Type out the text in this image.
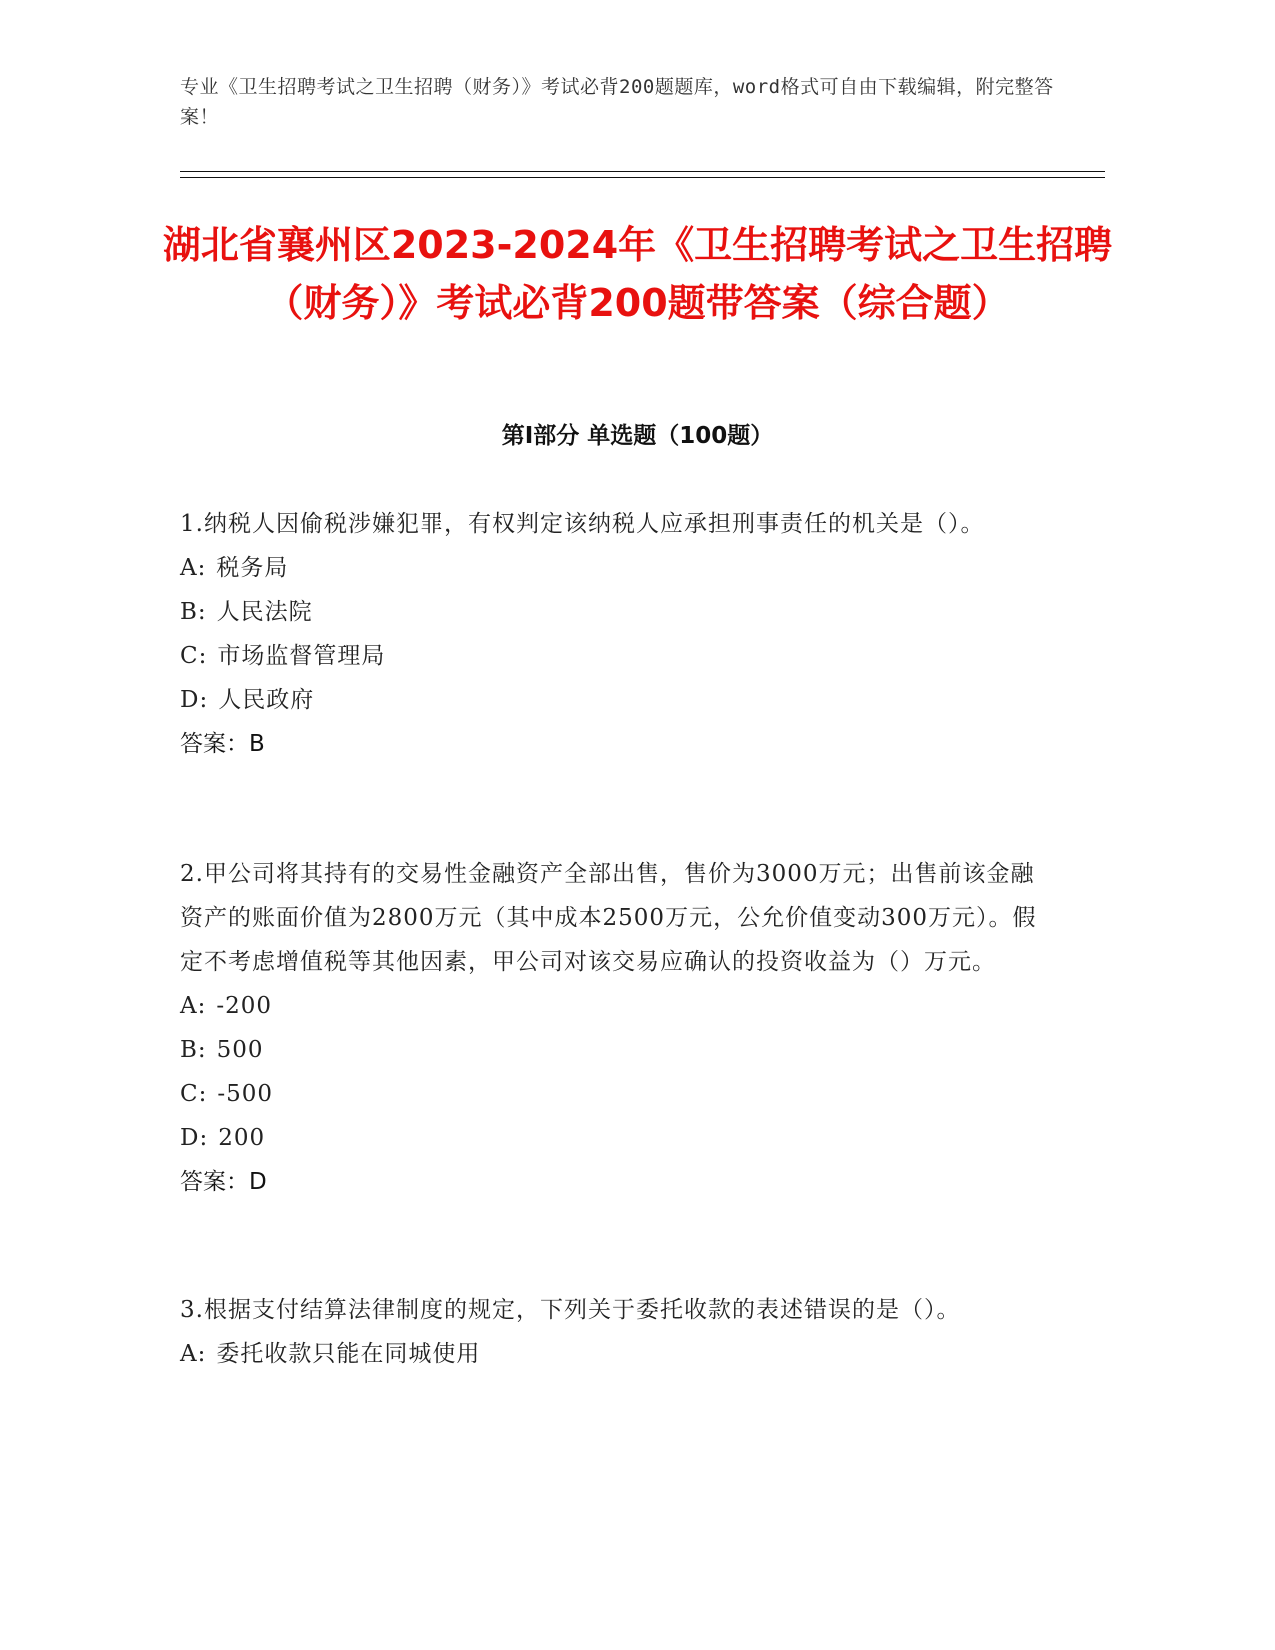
专业《卫生招聘考试之卫生招聘（财务）》考试必背200题题库，word格式可自由下载编辑，附完整答案！
湖北省襄州区2023-2024年《卫生招聘考试之卫生招聘（财务）》考试必背200题带答案（综合题）
第Ⅰ部分 单选题（100题）
1.纳税人因偷税涉嫌犯罪，有权判定该纳税人应承担刑事责任的机关是（）。
A: 税务局
B: 人民法院
C: 市场监督管理局
D: 人民政府
答案：B
2.甲公司将其持有的交易性金融资产全部出售，售价为3000万元；出售前该金融资产的账面价值为2800万元（其中成本2500万元，公允价值变动300万元）。假定不考虑增值税等其他因素，甲公司对该交易应确认的投资收益为（）万元。
A: -200
B: 500
C: -500
D: 200
答案：D
3.根据支付结算法律制度的规定，下列关于委托收款的表述错误的是（）。
A: 委托收款只能在同城使用
